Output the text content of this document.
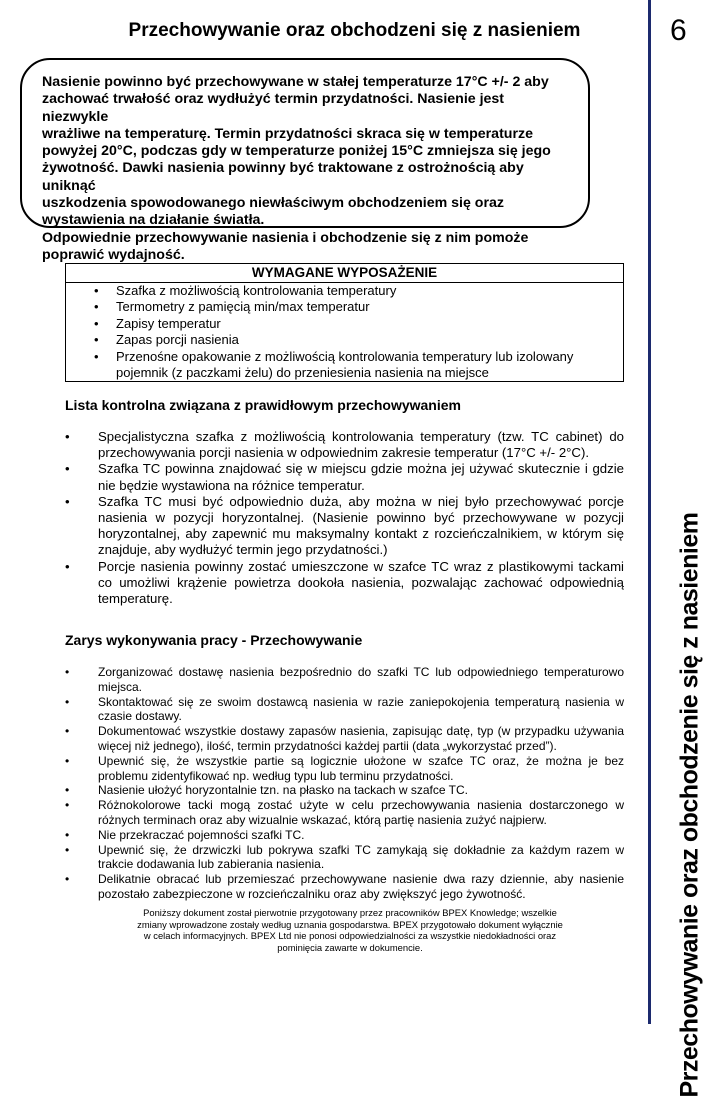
Przechowywanie oraz obchodzeni się z nasieniem	6
Przechowywanie oraz obchodzenie się z nasieniem
Nasienie powinno być przechowywane w stałej temperaturze 17°C +/- 2 aby
zachować trwałość oraz wydłużyć termin przydatności. Nasienie jest niezwykle
wrażliwe na temperaturę. Termin przydatności skraca się w temperaturze
powyżej 20°C, podczas gdy w temperaturze poniżej 15°C zmniejsza się jego
żywotność. Dawki nasienia powinny być traktowane z ostrożnością aby uniknąć
uszkodzenia spowodowanego niewłaściwym obchodzeniem się oraz
wystawienia na działanie światła.
Odpowiednie przechowywanie nasienia i obchodzenie się z nim pomoże
poprawić wydajność.
WYMAGANE WYPOSAŻENIE
• Szafka z możliwością kontrolowania temperatury
• Termometry z pamięcią min/max temperatur
• Zapisy temperatur
• Zapas porcji nasienia
• Przenośne opakowanie z możliwością kontrolowania temperatury lub izolowany pojemnik (z paczkami żelu) do przeniesienia nasienia na miejsce
Lista kontrolna związana z prawidłowym przechowywaniem
• Specjalistyczna szafka z możliwością kontrolowania temperatury (tzw. TC cabinet) do przechowywania porcji nasienia w odpowiednim zakresie temperatur (17°C +/- 2°C).
• Szafka TC powinna znajdować się w miejscu gdzie można jej używać skutecznie i gdzie nie będzie wystawiona na różnice temperatur.
• Szafka TC musi być odpowiednio duża, aby można w niej było przechowywać porcje nasienia w pozycji horyzontalnej. (Nasienie powinno być przechowywane w pozycji horyzontalnej, aby zapewnić mu maksymalny kontakt z rozcieńczalnikiem, w którym się znajduje, aby wydłużyć termin jego przydatności.)
• Porcje nasienia powinny zostać umieszczone w szafce TC wraz z plastikowymi tackami co umożliwi krążenie powietrza dookoła nasienia, pozwalając zachować odpowiednią temperaturę.
Zarys wykonywania pracy - Przechowywanie
• Zorganizować dostawę nasienia bezpośrednio do szafki TC lub odpowiedniego temperaturowo miejsca.
• Skontaktować się ze swoim dostawcą nasienia w razie zaniepokojenia temperaturą nasienia w czasie dostawy.
• Dokumentować wszystkie dostawy zapasów nasienia, zapisując datę, typ (w przypadku używania więcej niż jednego), ilość, termin przydatności każdej partii (data „wykorzystać przed”).
• Upewnić się, że wszystkie partie są logicznie ułożone w szafce TC oraz, że można je bez problemu zidentyfikować np. według typu lub terminu przydatności.
• Nasienie ułożyć horyzontalnie tzn. na płasko na tackach w szafce TC.
• Różnokolorowe tacki mogą zostać użyte w celu przechowywania nasienia dostarczonego w różnych terminach oraz aby wizualnie wskazać, którą partię nasienia zużyć najpierw.
• Nie przekraczać pojemności szafki TC.
• Upewnić się, że drzwiczki lub pokrywa szafki TC zamykają się dokładnie za każdym razem w trakcie dodawania lub zabierania nasienia.
• Delikatnie obracać lub przemieszać przechowywane nasienie dwa razy dziennie, aby nasienie pozostało zabezpieczone w rozcieńczalniku oraz aby zwiększyć jego żywotność.
Poniższy dokument został pierwotnie przygotowany przez pracowników BPEX Knowledge; wszelkie
zmiany wprowadzone zostały według uznania gospodarstwa. BPEX przygotowało dokument wyłącznie
w celach informacyjnych. BPEX Ltd nie ponosi odpowiedzialności za wszystkie niedokładności oraz
pominięcia zawarte w dokumencie.
